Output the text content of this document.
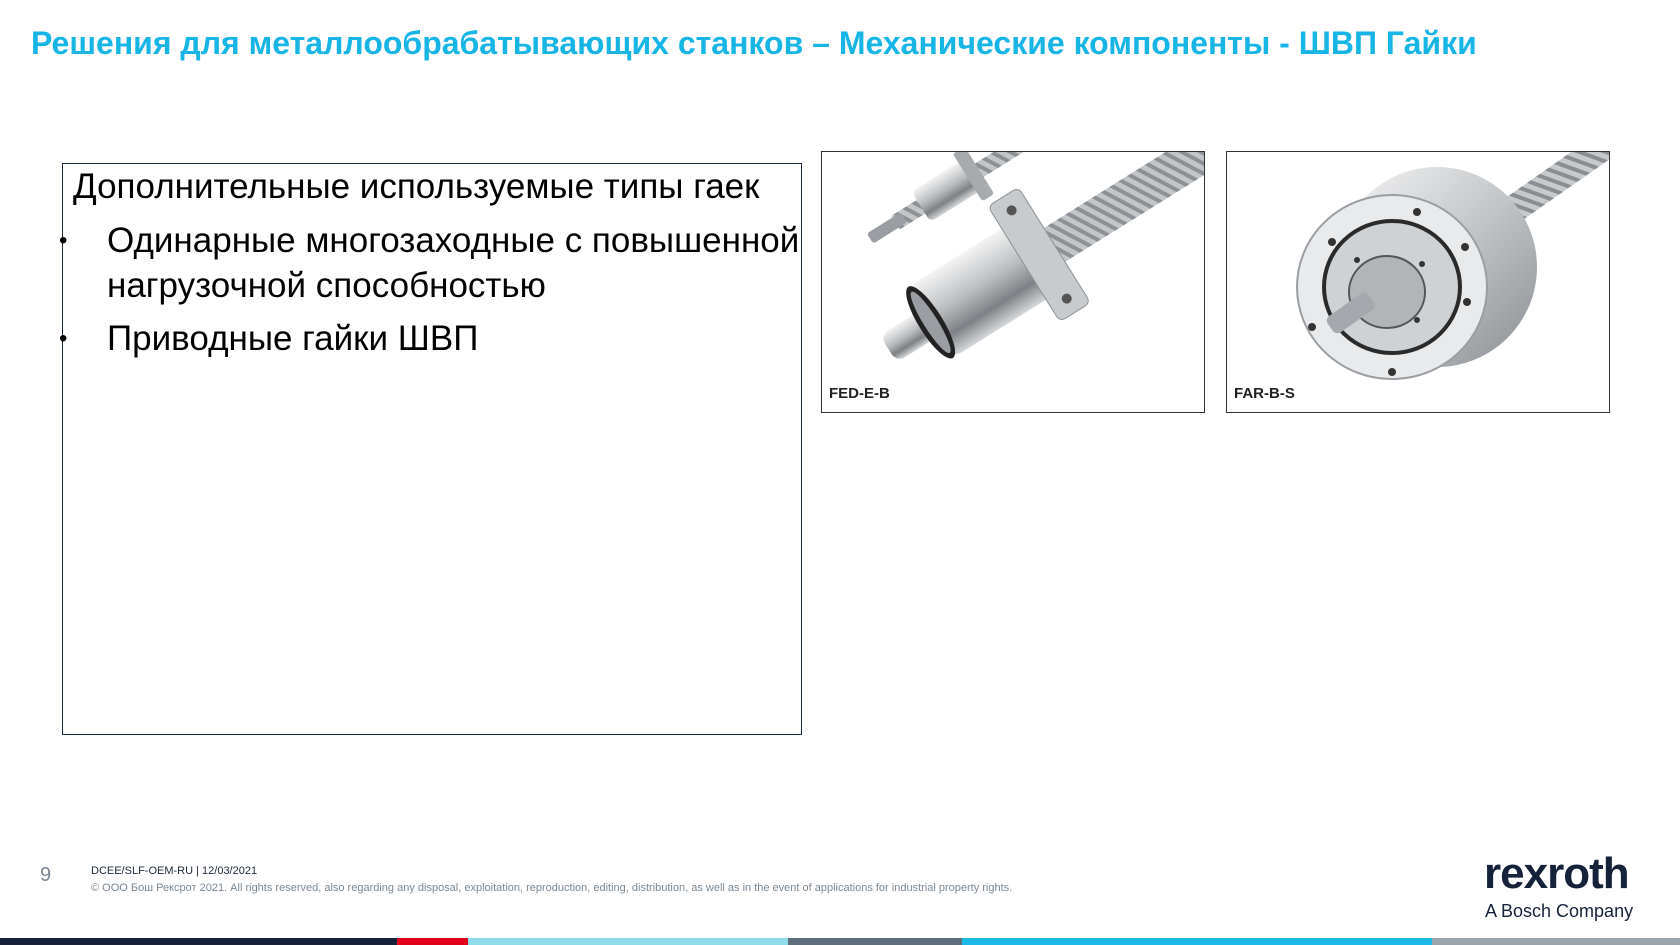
Решения для металлообрабатывающих станков – Механические компоненты - ШВП Гайки
Дополнительные используемые типы гаек
• Одинарные многозаходные с повышенной нагрузочной способностью
• Приводные гайки ШВП
FED-E-B	FAR-B-S
9	DCEE/SLF-OEM-RU | 12/03/2021
© ООО Бош Рексрот 2021. All rights reserved, also regarding any disposal, exploitation, reproduction, editing, distribution, as well as in the event of applications for industrial property rights.	rexroth
A Bosch Company
